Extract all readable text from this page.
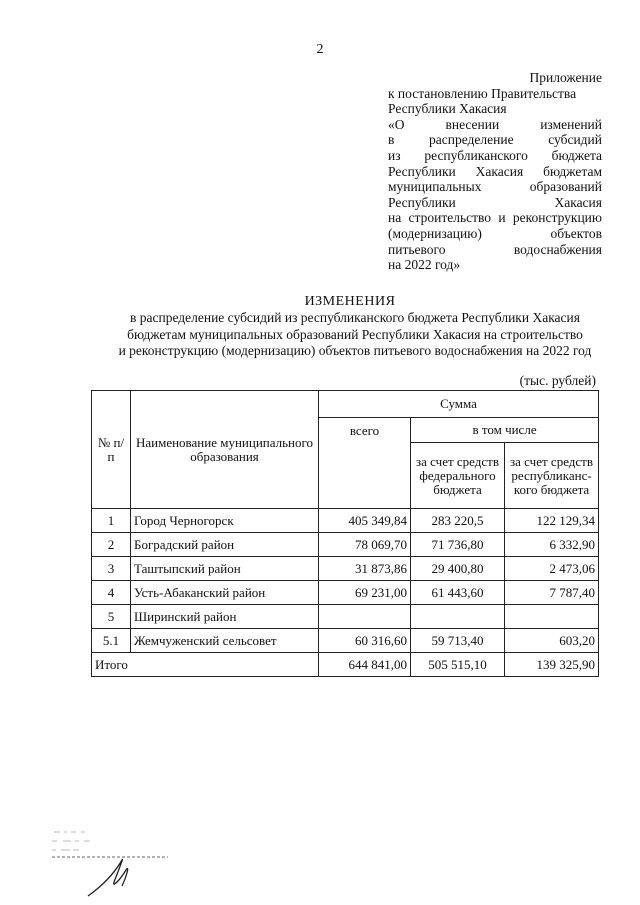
2
Приложение
к постановлению Правительства
Республики Хакасия
«О внесении изменений
в распределение субсидий
из республиканского бюджета
Республики Хакасия бюджетам
муниципальных образований
Республики Хакасия
на строительство и реконструкцию
(модернизацию) объектов
питьевого водоснабжения
на 2022 год»
ИЗМЕНЕНИЯ
в распределение субсидий из республиканского бюджета Республики Хакасия
бюджетам муниципальных образований Республики Хакасия на строительство
и реконструкцию (модернизацию) объектов питьевого водоснабжения на 2022 год
(тыс. рублей)
№ п/п	Наименование муниципального образования	Сумма		
		всего	в том числе	
			за счет средств федерального бюджета	за счет средств республиканс-кого бюджета
1	Город Черногорск	405 349,84	283 220,5	122 129,34
2	Боградский район	78 069,70	71 736,80	6 332,90
3	Таштыпский район	31 873,86	29 400,80	2 473,06
4	Усть-Абаканский район	69 231,00	61 443,60	7 787,40
5	Ширинский район			
5.1	Жемчуженский сельсовет	60 316,60	59 713,40	603,20
Итого		644 841,00	505 515,10	139 325,90
